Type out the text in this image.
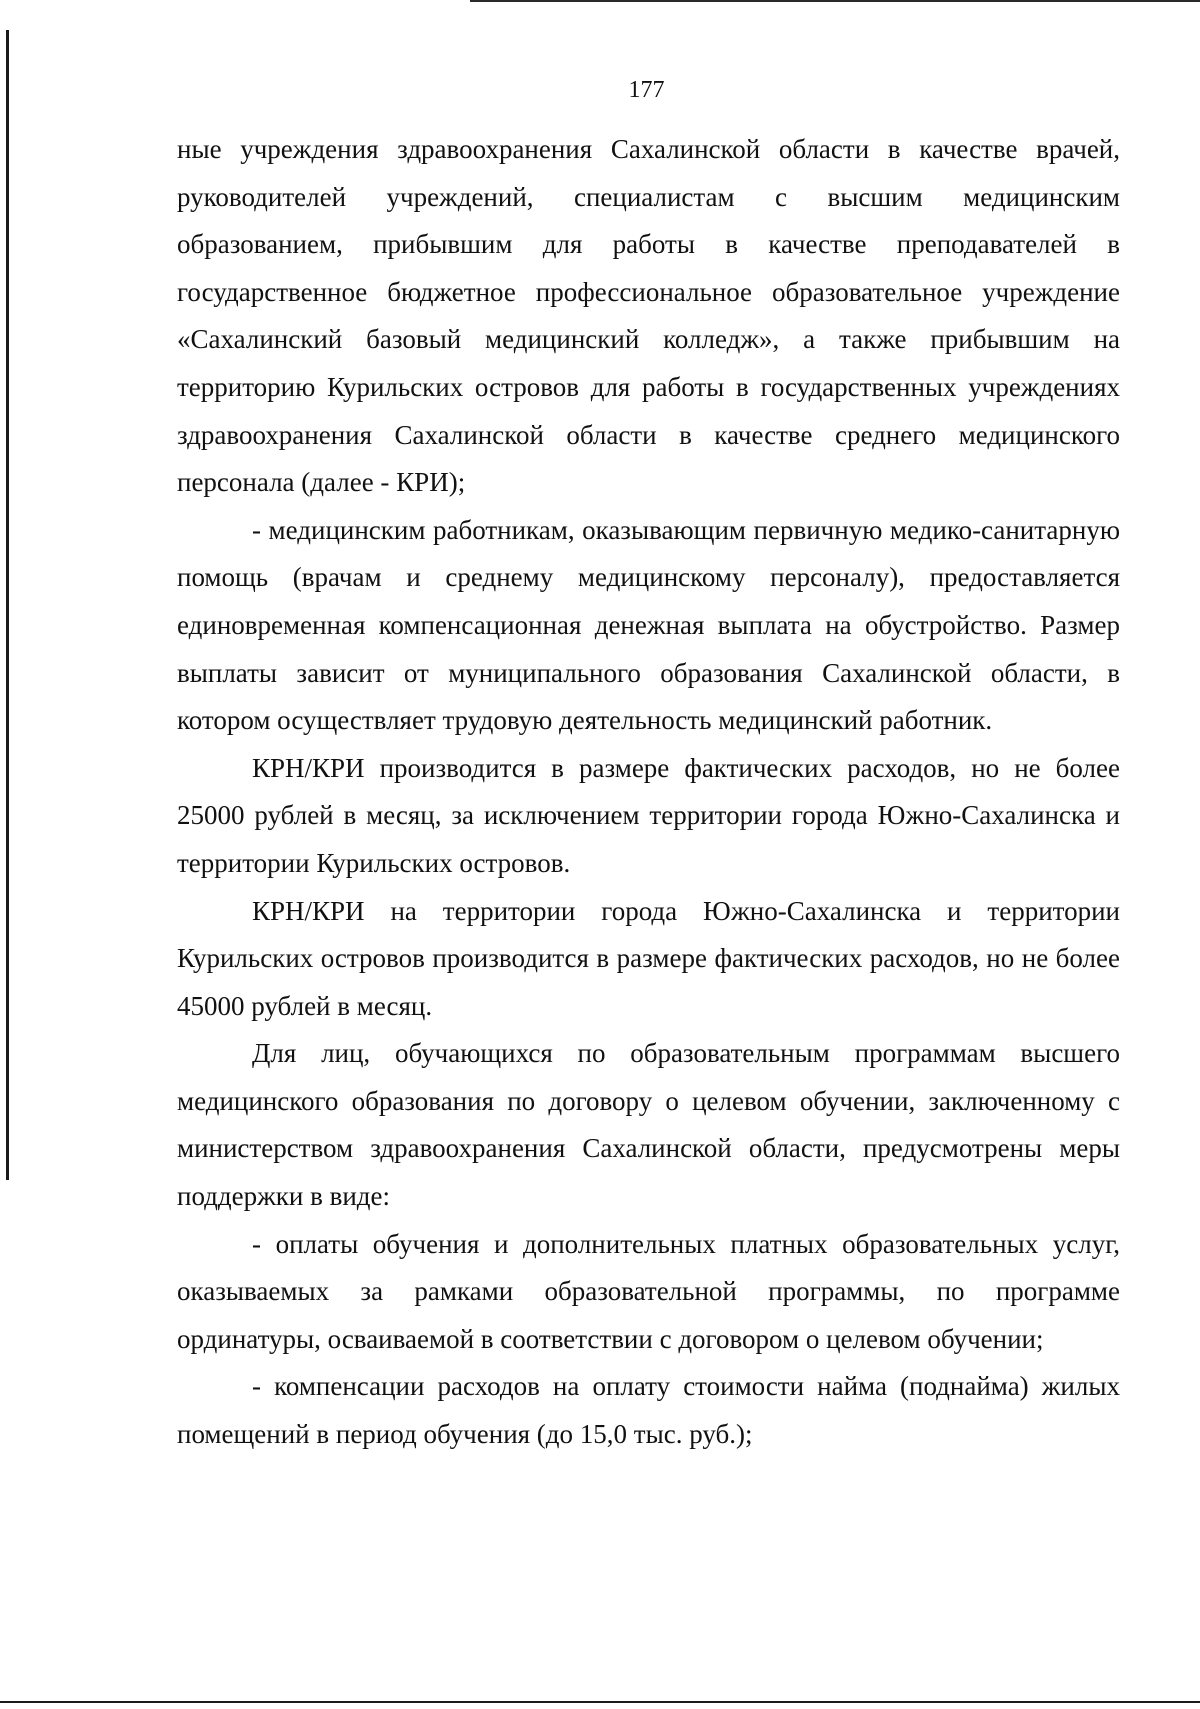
177

ные учреждения здравоохранения Сахалинской области в качестве врачей, руководителей учреждений, специалистам с высшим медицинским образованием, прибывшим для работы в качестве преподавателей в государственное бюджетное профессиональное образовательное учреждение «Сахалинский базовый медицинский колледж», а также прибывшим на территорию Курильских островов для работы в государственных учреждениях здравоохранения Сахалинской области в качестве среднего медицинского персонала (далее - КРИ);

- медицинским работникам, оказывающим первичную медико-санитарную помощь (врачам и среднему медицинскому персоналу), предоставляется единовременная компенсационная денежная выплата на обустройство. Размер выплаты зависит от муниципального образования Сахалинской области, в котором осуществляет трудовую деятельность медицинский работник.

КРН/КРИ производится в размере фактических расходов, но не более 25000 рублей в месяц, за исключением территории города Южно-Сахалинска и территории Курильских островов.

КРН/КРИ на территории города Южно-Сахалинска и территории Курильских островов производится в размере фактических расходов, но не более 45000 рублей в месяц.

Для лиц, обучающихся по образовательным программам высшего медицинского образования по договору о целевом обучении, заключенному с министерством здравоохранения Сахалинской области, предусмотрены меры поддержки в виде:

- оплаты обучения и дополнительных платных образовательных услуг, оказываемых за рамками образовательной программы, по программе ординатуры, осваиваемой в соответствии с договором о целевом обучении;

- компенсации расходов на оплату стоимости найма (поднайма) жилых помещений в период обучения (до 15,0 тыс. руб.);
